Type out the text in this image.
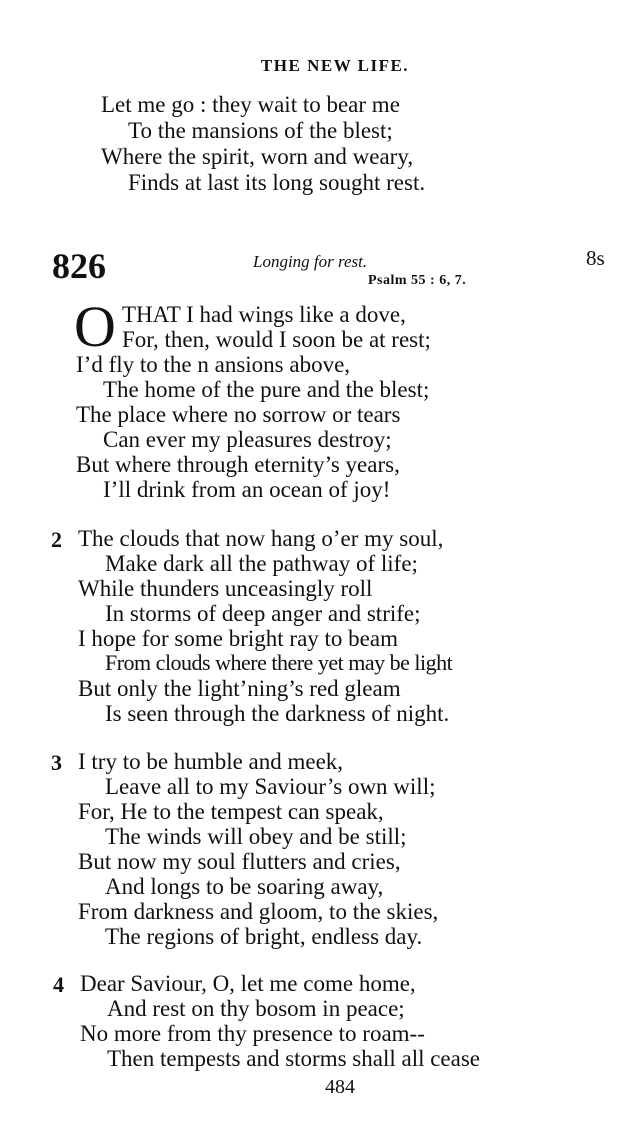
THE NEW LIFE.
Let me go : they wait to bear me
To the mansions of the blest;
Where the spirit, worn and weary,
Finds at last its long sought rest.
826	Longing for rest.	8s
Psalm 55 : 6, 7.
O THAT I had wings like a dove,
For, then, would I soon be at rest;
I’d fly to the n ansions above,
The home of the pure and the blest;
The place where no sorrow or tears
Can ever my pleasures destroy;
But where through eternity’s years,
I’ll drink from an ocean of joy!
2 The clouds that now hang o’er my soul,
Make dark all the pathway of life;
While thunders unceasingly roll
In storms of deep anger and strife;
I hope for some bright ray to beam
From clouds where there yet may be light
But only the light’ning’s red gleam
Is seen through the darkness of night.
3 I try to be humble and meek,
Leave all to my Saviour’s own will;
For, He to the tempest can speak,
The winds will obey and be still;
But now my soul flutters and cries,
And longs to be soaring away,
From darkness and gloom, to the skies,
The regions of bright, endless day.
4 Dear Saviour, O, let me come home,
And rest on thy bosom in peace;
No more from thy presence to roam--
Then tempests and storms shall all cease
484
